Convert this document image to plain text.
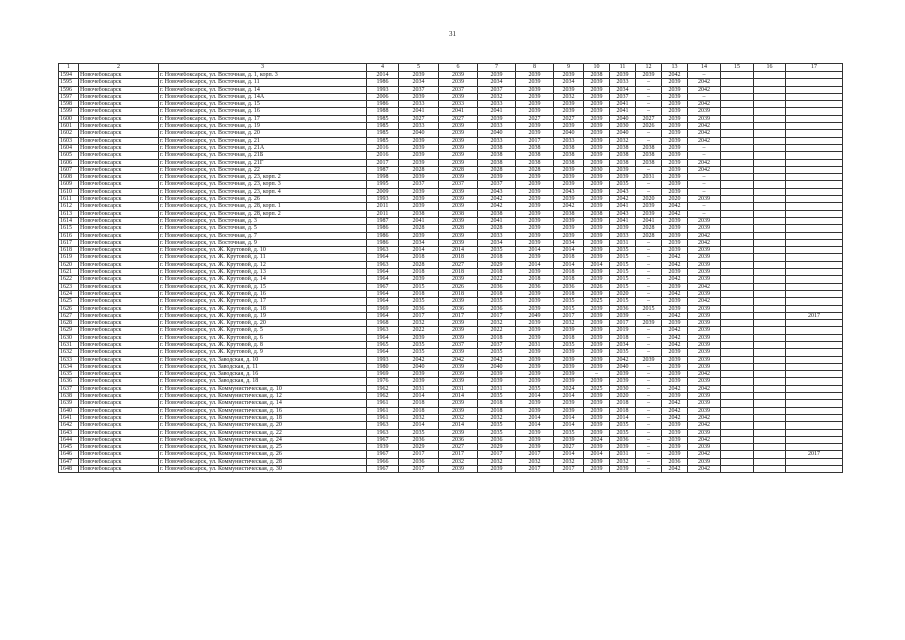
31
1	2	3	4	5	6	7	8	9	10	11	12	13	14	15	16	17
1594	Новочебоксарск	г. Новочебоксарск, ул. Восточная, д. 1, корп. 3	2014	2039	2039	2039	2039	2039	2038	2039	2039	2042	–			
1595	Новочебоксарск	г. Новочебоксарск, ул. Восточная, д. 11	1986	2034	2039	2034	2039	2034	2039	2033	–	2039	2042			
1596	Новочебоксарск	г. Новочебоксарск, ул. Восточная, д. 14	1993	2037	2037	2037	2039	2039	2039	2034	–	2039	2042			
1597	Новочебоксарск	г. Новочебоксарск, ул. Восточная, д. 14А	2006	2039	2039	2032	2039	2032	2039	2037	–	2039	–			
1598	Новочебоксарск	г. Новочебоксарск, ул. Восточная, д. 15	1986	2033	2033	2033	2039	2039	2039	2041	–	2039	2042			
1599	Новочебоксарск	г. Новочебоксарск, ул. Восточная, д. 16	1988	2041	2041	2041	2039	2039	2039	2041	–	2039	2039			
1600	Новочебоксарск	г. Новочебоксарск, ул. Восточная, д. 17	1985	2027	2027	2039	2027	2027	2039	2040	2027	2039	2039			
1601	Новочебоксарск	г. Новочебоксарск, ул. Восточная, д. 19	1985	2033	2039	2033	2039	2039	2039	2030	2026	2039	2042			
1602	Новочебоксарск	г. Новочебоксарск, ул. Восточная, д. 20	1985	2040	2039	2040	2039	2040	2039	2040	–	2039	2042			
1603	Новочебоксарск	г. Новочебоксарск, ул. Восточная, д. 21	1985	2039	2039	2033	2017	2033	2039	2032	–	2039	2042			
1604	Новочебоксарск	г. Новочебоксарск, ул. Восточная, д. 21А	2016	2039	2039	2038	2038	2038	2039	2038	2038	2039	–			
1605	Новочебоксарск	г. Новочебоксарск, ул. Восточная, д. 21Б	2016	2039	2039	2038	2038	2038	2039	2038	2038	2039	–			
1606	Новочебоксарск	г. Новочебоксарск, ул. Восточная, д. 21Г	2017	2039	2039	2038	2038	2038	2039	2038	2038	2039	2042			
1607	Новочебоксарск	г. Новочебоксарск, ул. Восточная, д. 22	1987	2028	2028	2028	2028	2039	2030	2039	–	2039	2042			
1608	Новочебоксарск	г. Новочебоксарск, ул. Восточная, д. 23, корп. 2	1998	2039	2039	2039	2039	2039	2039	2039	2031	2039	–			
1609	Новочебоксарск	г. Новочебоксарск, ул. Восточная, д. 23, корп. 3	1995	2037	2037	2037	2039	2039	2039	2035	–	2039	–			
1610	Новочебоксарск	г. Новочебоксарск, ул. Восточная, д. 23, корп. 4	2009	2039	2039	2043	2039	2043	2039	2043	–	2039	–			
1611	Новочебоксарск	г. Новочебоксарск, ул. Восточная, д. 26	1993	2039	2039	2042	2039	2039	2039	2042	2020	2020	2039			
1612	Новочебоксарск	г. Новочебоксарск, ул. Восточная, д. 28, корп. 1	2011	2039	2039	2042	2039	2042	2039	2041	2039	2042	–			
1613	Новочебоксарск	г. Новочебоксарск, ул. Восточная, д. 28, корп. 2	2011	2038	2038	2038	2039	2038	2038	2043	2039	2042	–			
1614	Новочебоксарск	г. Новочебоксарск, ул. Восточная, д. 3	1987	2041	2039	2041	2039	2039	2039	2041	2041	2039	2039			
1615	Новочебоксарск	г. Новочебоксарск, ул. Восточная, д. 5	1986	2028	2028	2028	2039	2039	2039	2039	2028	2039	2039			
1616	Новочебоксарск	г. Новочебоксарск, ул. Восточная, д. 7	1986	2039	2039	2033	2039	2039	2039	2033	2028	2039	2042			
1617	Новочебоксарск	г. Новочебоксарск, ул. Восточная, д. 9	1986	2034	2039	2034	2039	2034	2039	2031	–	2039	2042			
1618	Новочебоксарск	г. Новочебоксарск, ул. Ж. Крутовой, д. 10	1963	2014	2014	2035	2014	2014	2039	2035	–	2039	2039			
1619	Новочебоксарск	г. Новочебоксарск, ул. Ж. Крутовой, д. 11	1964	2018	2018	2018	2039	2018	2039	2015	–	2042	2039			
1620	Новочебоксарск	г. Новочебоксарск, ул. Ж. Крутовой, д. 12	1963	2028	2027	2029	2014	2014	2014	2015	–	2042	2039			
1621	Новочебоксарск	г. Новочебоксарск, ул. Ж. Крутовой, д. 13	1964	2018	2018	2018	2039	2018	2039	2015	–	2039	2039			
1622	Новочебоксарск	г. Новочебоксарск, ул. Ж. Крутовой, д. 14	1964	2039	2039	2022	2018	2018	2039	2015	–	2042	2039			
1623	Новочебоксарск	г. Новочебоксарск, ул. Ж. Крутовой, д. 15	1967	2015	2026	2036	2036	2036	2026	2015	–	2039	2042			
1624	Новочебоксарск	г. Новочебоксарск, ул. Ж. Крутовой, д. 16	1964	2018	2018	2018	2039	2018	2039	2020	–	2042	2039			
1625	Новочебоксарск	г. Новочебоксарск, ул. Ж. Крутовой, д. 17	1964	2035	2039	2035	2039	2035	2025	2015	–	2039	2042			
1626	Новочебоксарск	г. Новочебоксарск, ул. Ж. Крутовой, д. 18	1969	2036	2036	2036	2039	2015	2039	2036	2015	2039	2039			
1627	Новочебоксарск	г. Новочебоксарск, ул. Ж. Крутовой, д. 19	1964	2017	2017	2017	2049	2017	2039	2039	–	2042	2039			2017
1628	Новочебоксарск	г. Новочебоксарск, ул. Ж. Крутовой, д. 20	1968	2032	2039	2032	2039	2032	2039	2017	2039	2039	2039			
1629	Новочебоксарск	г. Новочебоксарск, ул. Ж. Крутовой, д. 5	1963	2022	2039	2022	2039	2039	2039	2019	–	2042	2039			
1630	Новочебоксарск	г. Новочебоксарск, ул. Ж. Крутовой, д. 6	1964	2039	2039	2018	2039	2018	2039	2018	–	2042	2039			
1631	Новочебоксарск	г. Новочебоксарск, ул. Ж. Крутовой, д. 8	1965	2035	2037	2037	2031	2035	2039	2034	–	2042	2039			
1632	Новочебоксарск	г. Новочебоксарск, ул. Ж. Крутовой, д. 9	1964	2035	2039	2035	2039	2039	2039	2035	–	2039	2039			
1633	Новочебоксарск	г. Новочебоксарск, ул. Заводская, д. 10	1993	2042	2042	2042	2039	2039	2039	2042	2039	2039	2039			
1634	Новочебоксарск	г. Новочебоксарск, ул. Заводская, д. 11	1980	2040	2039	2040	2039	2039	2039	2040	–	2039	2039			
1635	Новочебоксарск	г. Новочебоксарск, ул. Заводская, д. 16	1969	2039	2039	2039	2039	2039	–	2039	–	2039	2042			
1636	Новочебоксарск	г. Новочебоксарск, ул. Заводская, д. 18	1976	2039	2039	2039	2039	2039	2039	2039	–	2039	2039			
1637	Новочебоксарск	г. Новочебоксарск, ул. Коммунистическая, д. 10	1962	2031	2031	2031	2035	2024	2025	2030	–	2042	2042			
1638	Новочебоксарск	г. Новочебоксарск, ул. Коммунистическая, д. 12	1962	2014	2014	2035	2014	2014	2039	2020	–	2039	2039			
1639	Новочебоксарск	г. Новочебоксарск, ул. Коммунистическая, д. 14	1961	2018	2039	2018	2039	2039	2039	2018	–	2042	2039			
1640	Новочебоксарск	г. Новочебоксарск, ул. Коммунистическая, д. 16	1961	2018	2039	2018	2039	2039	2039	2018	–	2042	2039			
1641	Новочебоксарск	г. Новочебоксарск, ул. Коммунистическая, д. 18	1961	2032	2032	2032	2014	2014	2039	2014	–	2042	2042			
1642	Новочебоксарск	г. Новочебоксарск, ул. Коммунистическая, д. 20	1963	2014	2014	2035	2014	2014	2039	2035	–	2039	2042			
1643	Новочебоксарск	г. Новочебоксарск, ул. Коммунистическая, д. 22	1963	2035	2039	2035	2039	2035	2039	2035	–	2039	2039			
1644	Новочебоксарск	г. Новочебоксарск, ул. Коммунистическая, д. 24	1967	2036	2036	2036	2039	2039	2024	2036	–	2039	2042			
1645	Новочебоксарск	г. Новочебоксарск, ул. Коммунистическая, д. 25	1939	2029	2027	2029	2039	2027	2039	2039	–	2039	2039			
1646	Новочебоксарск	г. Новочебоксарск, ул. Коммунистическая, д. 26	1967	2017	2017	2017	2017	2014	2014	2031	–	2039	2042			2017
1647	Новочебоксарск	г. Новочебоксарск, ул. Коммунистическая, д. 28	1966	2036	2032	2032	2032	2032	2039	2032	–	2036	2039			
1648	Новочебоксарск	г. Новочебоксарск, ул. Коммунистическая, д. 30	1967	2017	2039	2039	2017	2017	2039	2039	–	2042	2042			
